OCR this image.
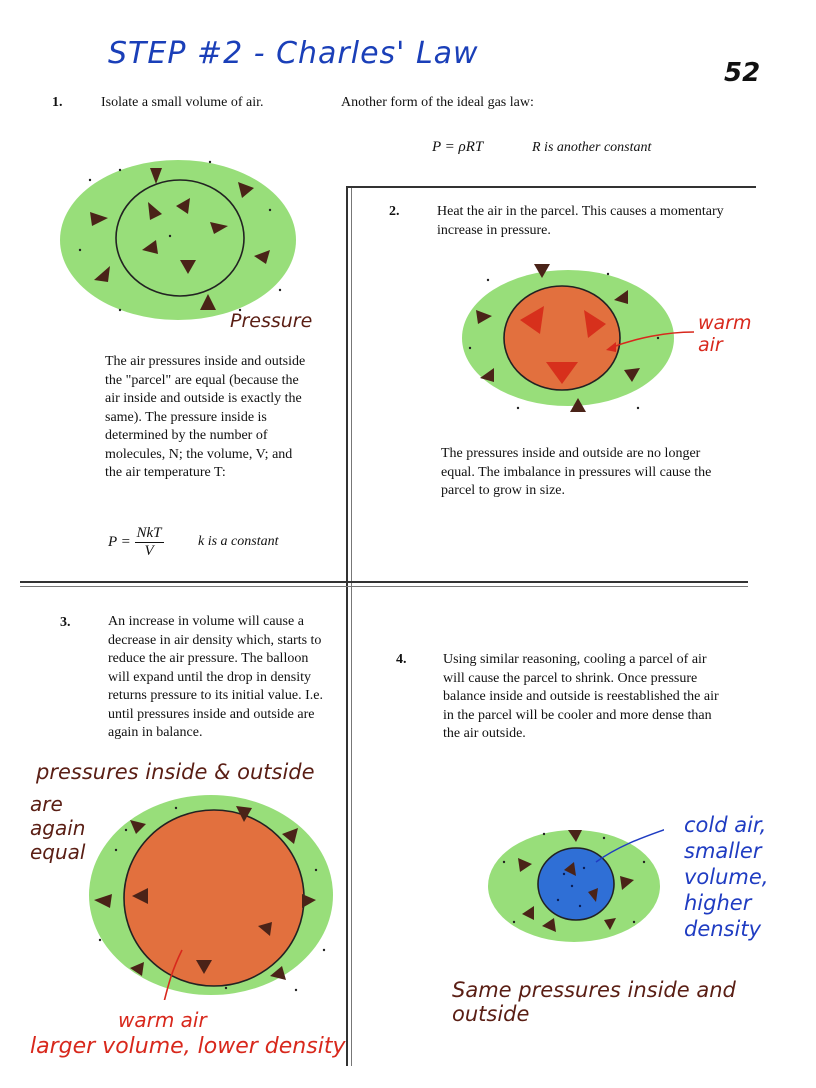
STEP #2 - Charles' Law
52
1.	Isolate a small volume of air.
Pressure
The air pressures inside and outside the "parcel" are equal (because the air inside and outside is exactly the same). The pressure inside is determined by the number of molecules, N; the volume, V; and the air temperature T:
$P = \frac{\text{NkT}}{V}$ k is a constant
Another form of the ideal gas law:
P = ρRT	R is another constant
2.	Heat the air in the parcel. This causes a momentary increase in pressure.
warm air
The pressures inside and outside are no longer equal. The imbalance in pressures will cause the parcel to grow in size.
3.	An increase in volume will cause a decrease in air density which, starts to reduce the air pressure. The balloon will expand until the drop in density returns pressure to its initial value. I.e. until pressures inside and outside are again in balance.
pressures inside & outside
are again equal
warm air
larger volume, lower density
4.	Using similar reasoning, cooling a parcel of air will cause the parcel to shrink. Once pressure balance inside and outside is reestablished the air in the parcel will be cooler and more dense than the air outside.
cold air, smaller volume, higher density
Same pressures inside and outside
